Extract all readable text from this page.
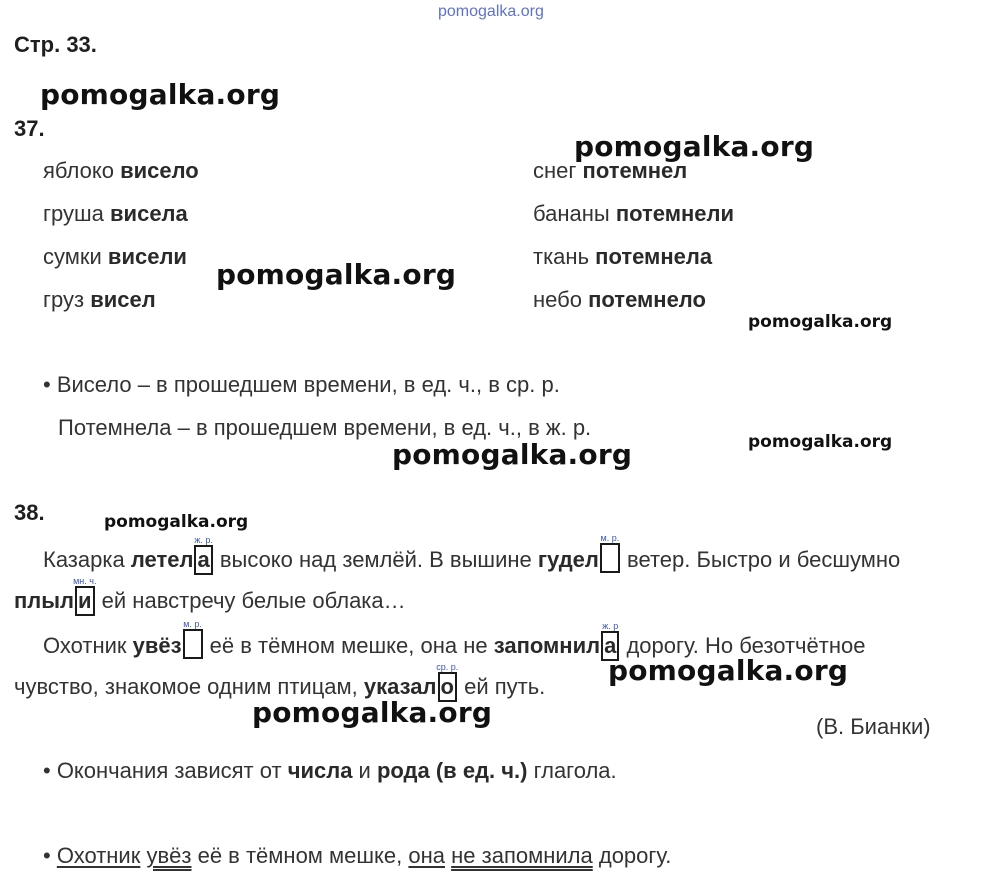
pomogalka.org
Стр. 33.
pomogalka.org
pomogalka.org
pomogalka.org
pomogalka.org
pomogalka.org
pomogalka.org
pomogalka.org
pomogalka.org
pomogalka.org
37.
яблоко висело
груша висела
сумки висели
груз висел
снег потемнел
бананы потемнели
ткань потемнела
небо потемнело
• Висело – в прошедшем времени, в ед. ч., в ср. р.
Потемнела – в прошедшем времени, в ед. ч., в ж. р.
38.
Казарка летел
ж. р.
а высоко над землёй. В вышине гудел
м. р.
ветер. Быстро и бесшумно
плыл
мн. ч.
и ей навстречу белые облака…
Охотник увёз
м. р.
её в тёмном мешке, она не запомнил
ж. р
а дорогу. Но безотчётное
чувство, знакомое одним птицам, указал
ср. р.
о ей путь.
(В. Бианки)
• Окончания зависят от числа и рода (в ед. ч.) глагола.
• Охотник увёз её в тёмном мешке, она не запомнила дорогу.
